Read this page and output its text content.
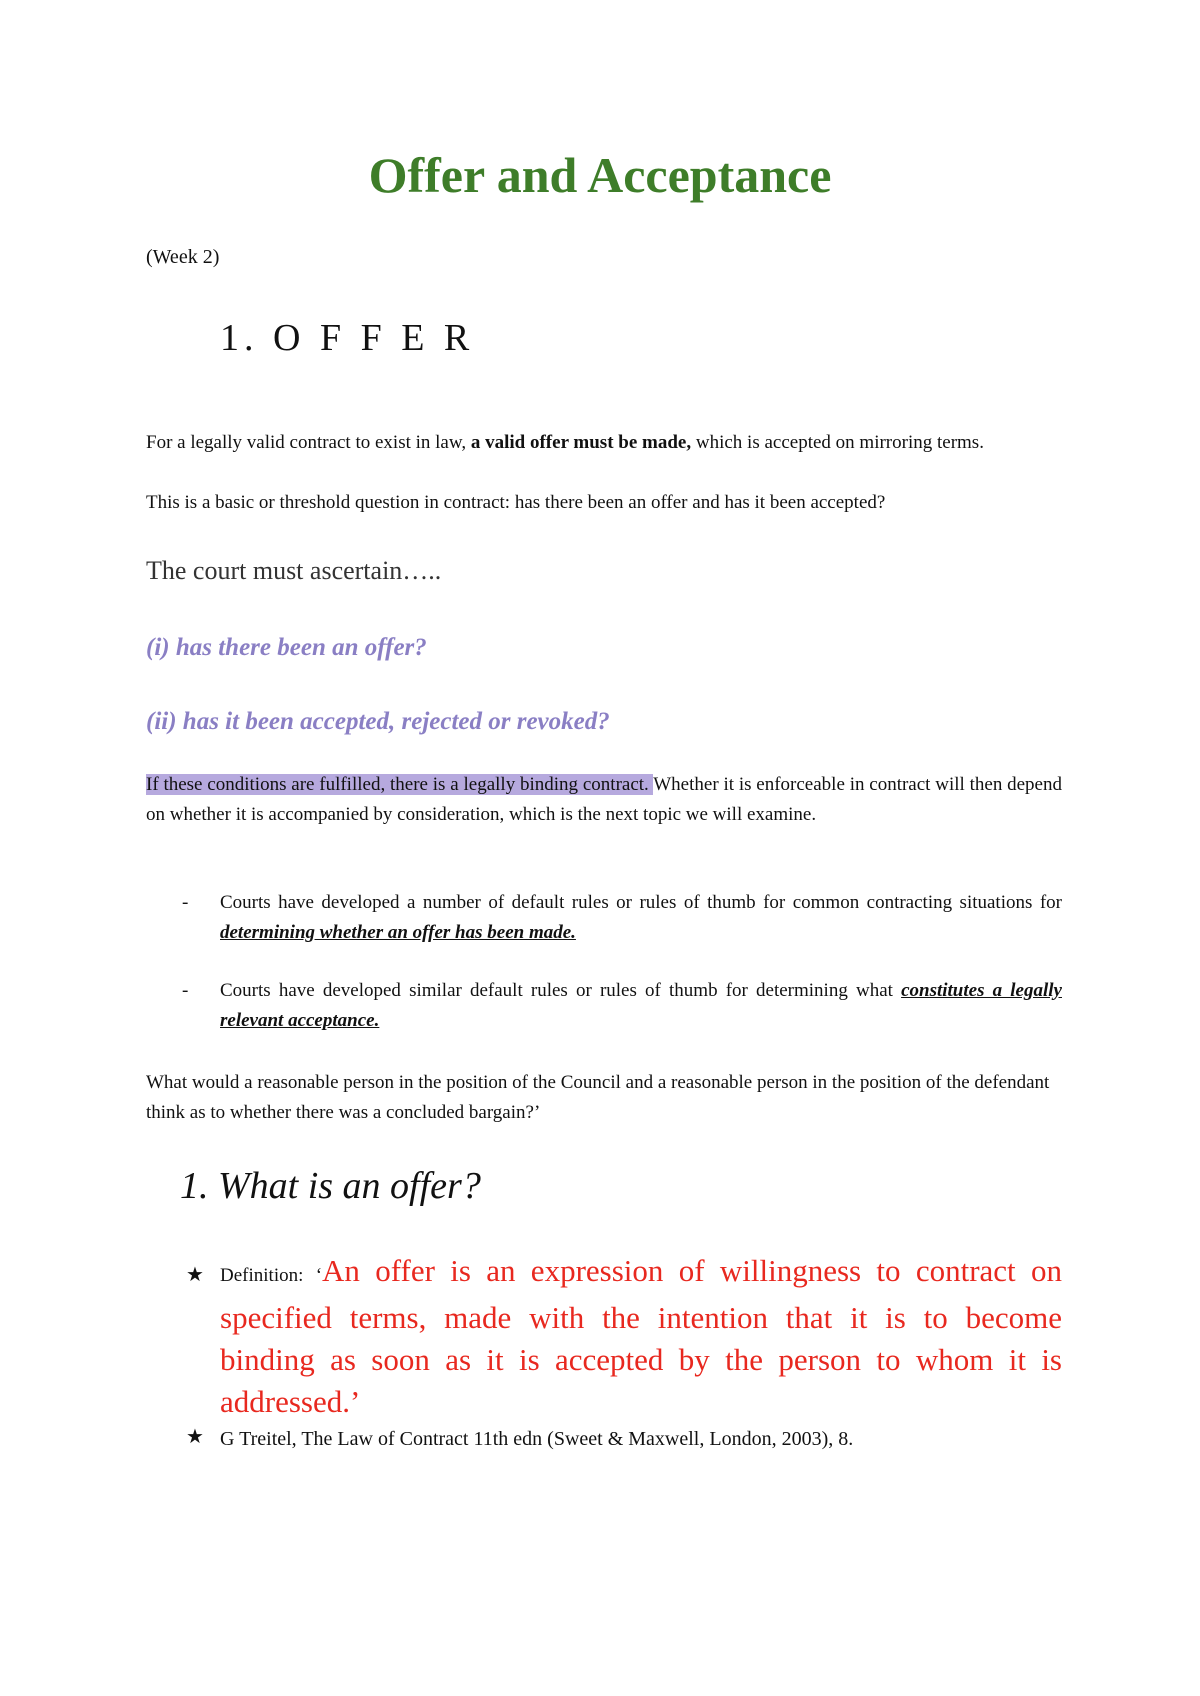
Offer and Acceptance
(Week 2)
1. O F F E R
For a legally valid contract to exist in law, a valid offer must be made, which is accepted on mirroring terms.
This is a basic or threshold question in contract: has there been an offer and has it been accepted?
The court must ascertain…..
(i) has there been an offer?
(ii) has it been accepted, rejected or revoked?
If these conditions are fulfilled, there is a legally binding contract. Whether it is enforceable in contract will then depend on whether it is accompanied by consideration, which is the next topic we will examine.
- Courts have developed a number of default rules or rules of thumb for common contracting situations for determining whether an offer has been made.
- Courts have developed similar default rules or rules of thumb for determining what constitutes a legally relevant acceptance.
What would a reasonable person in the position of the Council and a reasonable person in the position of the defendant think as to whether there was a concluded bargain?’
1. What is an offer?
★ Definition: ‘An offer is an expression of willingness to contract on specified terms, made with the intention that it is to become binding as soon as it is accepted by the person to whom it is addressed.’
★ G Treitel, The Law of Contract 11th edn (Sweet & Maxwell, London, 2003), 8.
